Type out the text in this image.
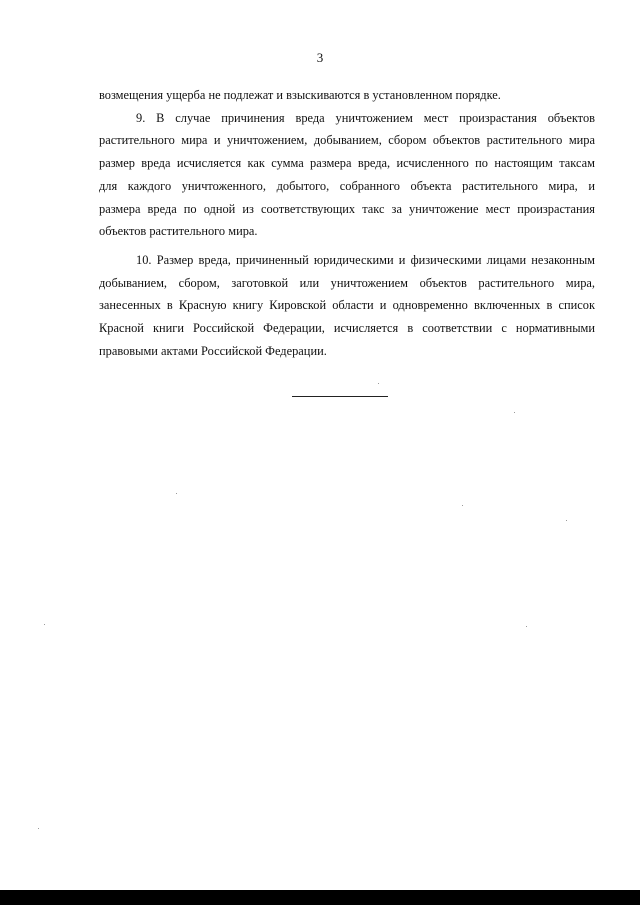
3
возмещения ущерба не подлежат и взыскиваются в установленном порядке.
9. В случае причинения вреда уничтожением мест произрастания объектов
растительного мира и уничтожением, добыванием, сбором объектов растительного мира
размер вреда исчисляется как сумма размера вреда, исчисленного по настоящим таксам
для каждого уничтоженного, добытого, собранного объекта растительного мира, и
размера вреда по одной из соответствующих такс за уничтожение мест произрастания
объектов растительного мира.
10. Размер вреда, причиненный юридическими и физическими лицами незаконным
добыванием, сбором, заготовкой или уничтожением объектов растительного мира,
занесенных в Красную книгу Кировской области и одновременно включенных в список
Красной книги Российской Федерации, исчисляется в соответствии с нормативными
правовыми актами Российской Федерации.
